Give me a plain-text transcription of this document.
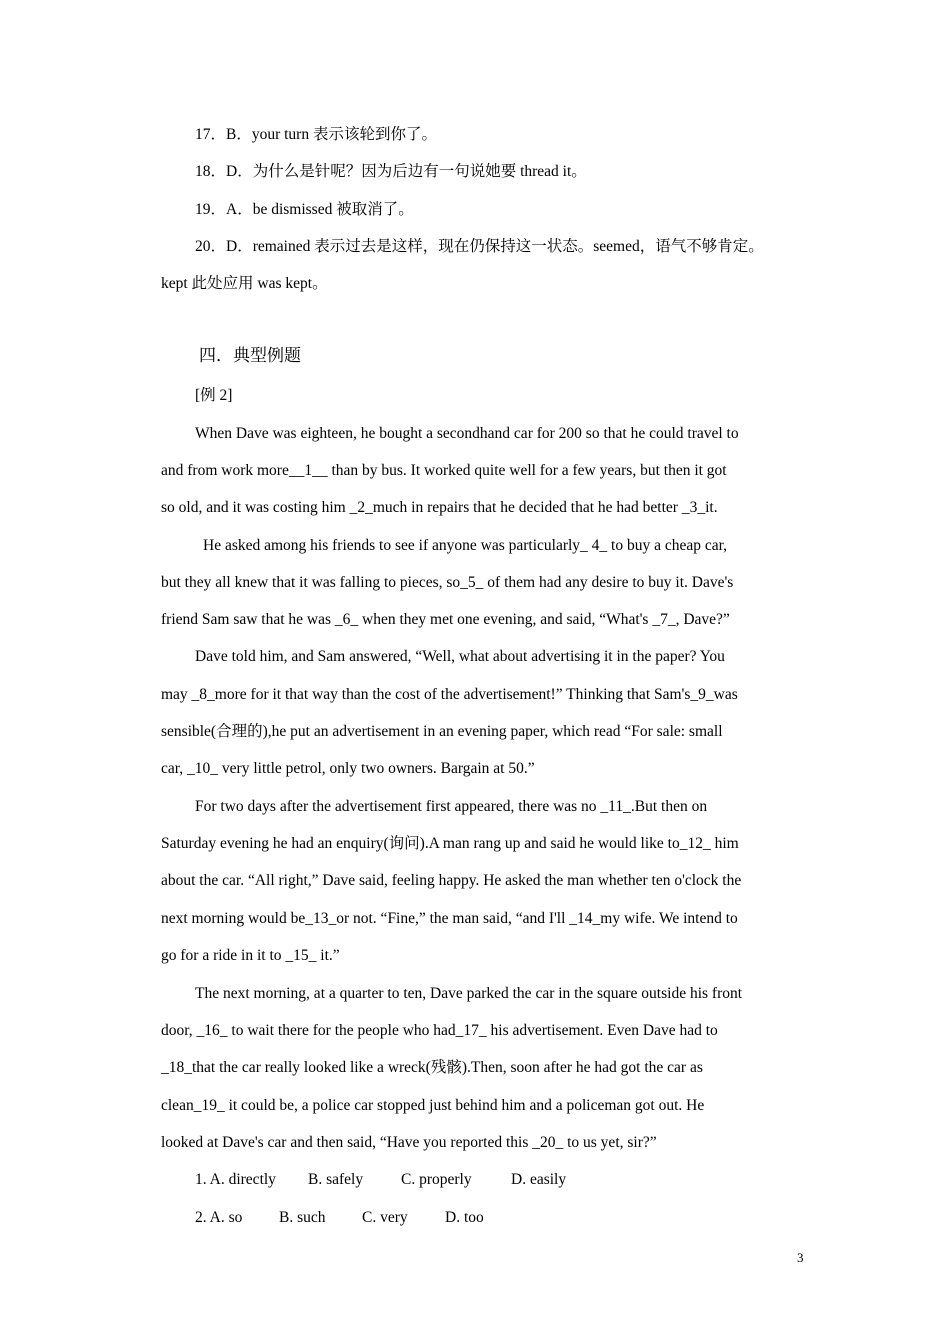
17．B．your turn 表示该轮到你了。
18．D．为什么是针呢？因为后边有一句说她要 thread it。
19．A．be dismissed 被取消了。
20．D．remained 表示过去是这样，现在仍保持这一状态。seemed，语气不够肯定。
kept 此处应用 was kept。
四．典型例题
[例 2]
When Dave was eighteen, he bought a secondhand car for 200 so that he could travel to
and from work more__1__ than by bus. It worked quite well for a few years, but then it got
so old, and it was costing him _2_much in repairs that he decided that he had better _3_it.
He asked among his friends to see if anyone was particularly_ 4_ to buy a cheap car,
but they all knew that it was falling to pieces, so_5_ of them had any desire to buy it. Dave's
friend Sam saw that he was _6_ when they met one evening, and said, “What's _7_, Dave?”
Dave told him, and Sam answered, “Well, what about advertising it in the paper? You
may _8_more for it that way than the cost of the advertisement!” Thinking that Sam's_9_was
sensible(合理的),he put an advertisement in an evening paper, which read “For sale: small
car, _10_ very little petrol, only two owners. Bargain at 50.”
For two days after the advertisement first appeared, there was no _11_.But then on
Saturday evening he had an enquiry(询问).A man rang up and said he would like to_12_ him
about the car. “All right,” Dave said, feeling happy. He asked the man whether ten o'clock the
next morning would be_13_or not. “Fine,” the man said, “and I'll _14_my wife. We intend to
go for a ride in it to _15_ it.”
The next morning, at a quarter to ten, Dave parked the car in the square outside his front
door, _16_ to wait there for the people who had_17_ his advertisement. Even Dave had to
_18_that the car really looked like a wreck(残骸).Then, soon after he had got the car as
clean_19_ it could be, a police car stopped just behind him and a policeman got out. He
looked at Dave's car and then said, “Have you reported this _20_ to us yet, sir?”
1. A. directly B. safely C. properly	D. easily
2. A. so B. such C. very D. too
3
